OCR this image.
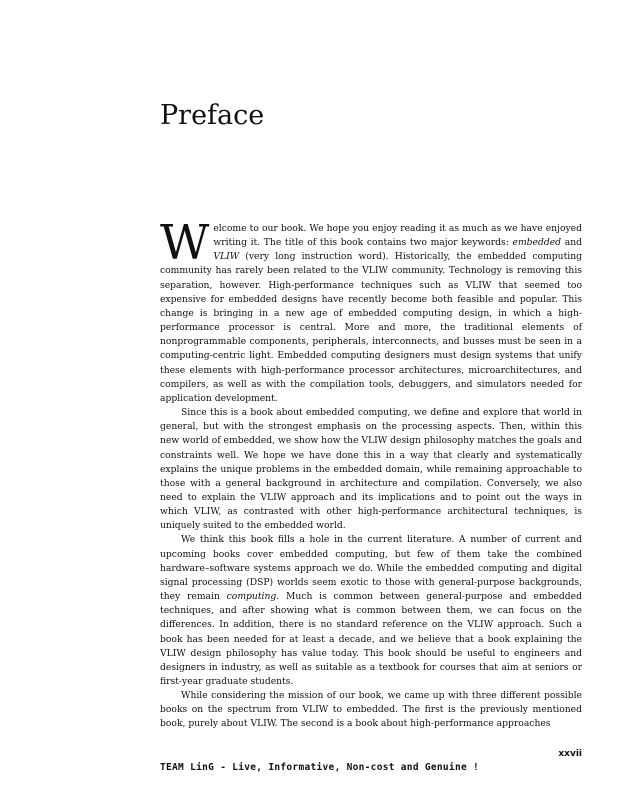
Preface

Welcome to our book. We hope you enjoy reading it as much as we have enjoyed writing it. The title of this book contains two major keywords: embedded and VLIW (very long instruction word). Historically, the embedded computing community has rarely been related to the VLIW community. Technology is removing this separation, however. High-performance techniques such as VLIW that seemed too expensive for embedded designs have recently become both feasible and popular. This change is bringing in a new age of embedded computing design, in which a high-performance processor is central. More and more, the traditional elements of nonprogrammable components, peripherals, interconnects, and busses must be seen in a computing-centric light. Embedded computing designers must design systems that unify these elements with high-performance processor architectures, microarchitectures, and compilers, as well as with the compilation tools, debuggers, and simulators needed for application development.

Since this is a book about embedded computing, we define and explore that world in general, but with the strongest emphasis on the processing aspects. Then, within this new world of embedded, we show how the VLIW design philosophy matches the goals and constraints well. We hope we have done this in a way that clearly and systematically explains the unique problems in the embedded domain, while remaining approachable to those with a general background in architecture and compilation. Conversely, we also need to explain the VLIW approach and its implications and to point out the ways in which VLIW, as contrasted with other high-performance architectural techniques, is uniquely suited to the embedded world.

We think this book fills a hole in the current literature. A number of current and upcoming books cover embedded computing, but few of them take the combined hardware–software systems approach we do. While the embedded computing and digital signal processing (DSP) worlds seem exotic to those with general-purpose backgrounds, they remain computing. Much is common between general-purpose and embedded techniques, and after showing what is common between them, we can focus on the differences. In addition, there is no standard reference on the VLIW approach. Such a book has been needed for at least a decade, and we believe that a book explaining the VLIW design philosophy has value today. This book should be useful to engineers and designers in industry, as well as suitable as a textbook for courses that aim at seniors or first-year graduate students.

While considering the mission of our book, we came up with three different possible books on the spectrum from VLIW to embedded. The first is the previously mentioned book, purely about VLIW. The second is a book about high-performance approaches

xxvii
TEAM LinG - Live, Informative, Non-cost and Genuine !
